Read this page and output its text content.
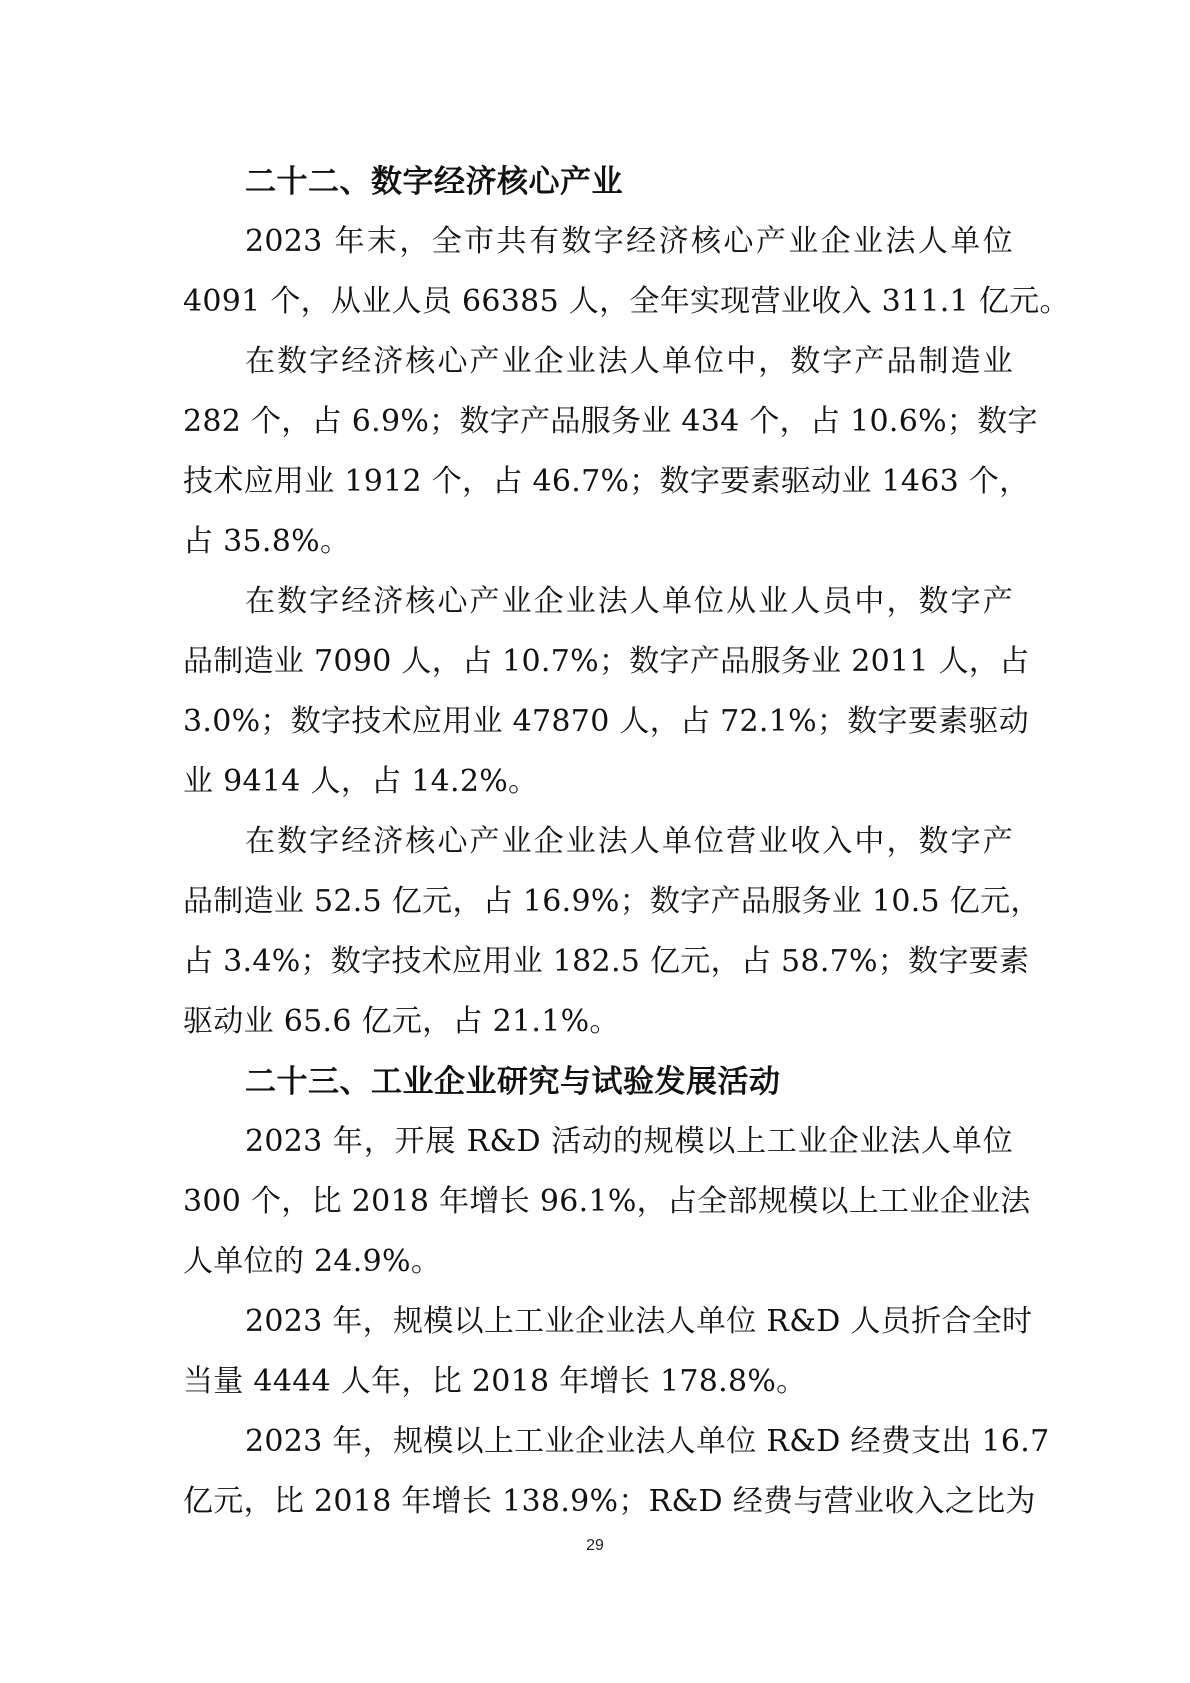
二十二、数字经济核心产业

2023 年末，全市共有数字经济核心产业企业法人单位
4091 个，从业人员 66385 人，全年实现营业收入 311.1 亿元。

在数字经济核心产业企业法人单位中，数字产品制造业
282 个，占 6.9%；数字产品服务业 434 个，占 10.6%；数字
技术应用业 1912 个，占 46.7%；数字要素驱动业 1463 个，
占 35.8%。

在数字经济核心产业企业法人单位从业人员中，数字产
品制造业 7090 人，占 10.7%；数字产品服务业 2011 人，占
3.0%；数字技术应用业 47870 人，占 72.1%；数字要素驱动
业 9414 人，占 14.2%。

在数字经济核心产业企业法人单位营业收入中，数字产
品制造业 52.5 亿元，占 16.9%；数字产品服务业 10.5 亿元，
占 3.4%；数字技术应用业 182.5 亿元，占 58.7%；数字要素
驱动业 65.6 亿元，占 21.1%。

二十三、工业企业研究与试验发展活动

2023 年，开展 R&D 活动的规模以上工业企业法人单位
300 个，比 2018 年增长 96.1%，占全部规模以上工业企业法
人单位的 24.9%。

2023 年，规模以上工业企业法人单位 R&D 人员折合全时
当量 4444 人年，比 2018 年增长 178.8%。

2023 年，规模以上工业企业法人单位 R&D 经费支出 16.7
亿元，比 2018 年增长 138.9%；R&D 经费与营业收入之比为

29
